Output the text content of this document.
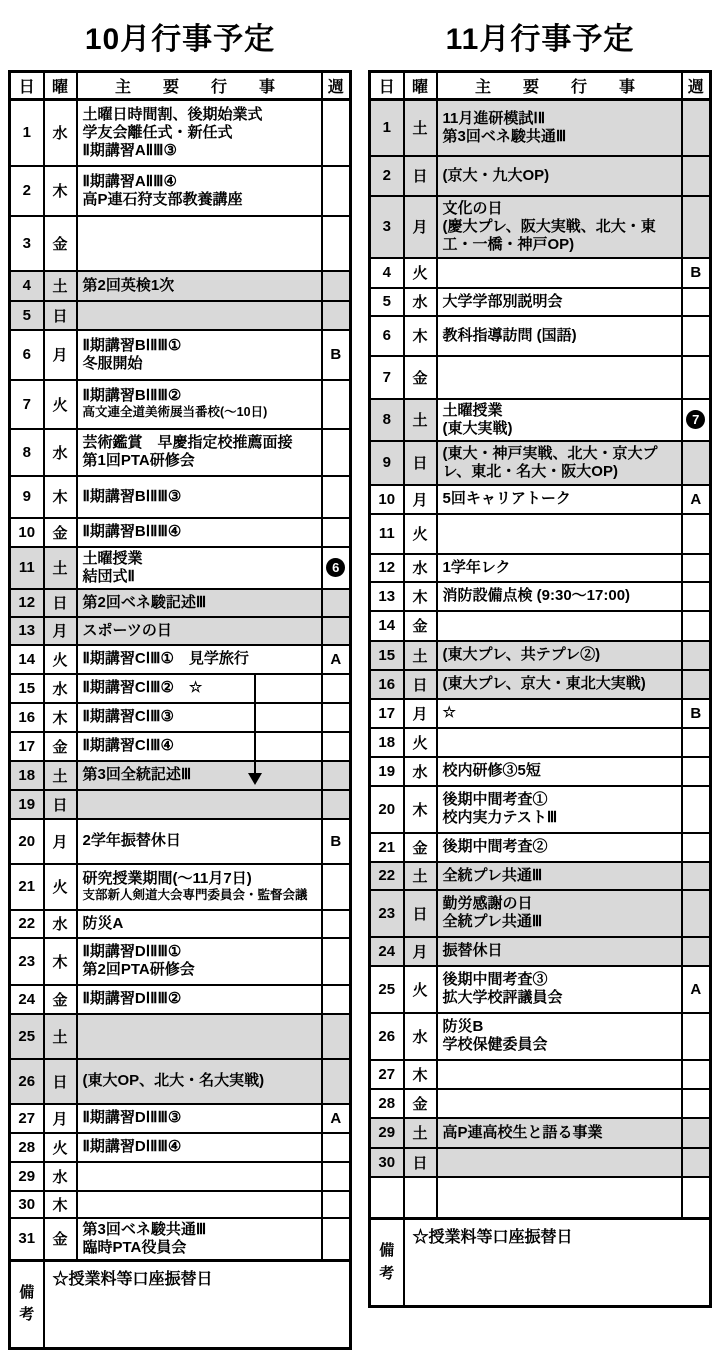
10月行事予定
日	曜	主　要　行　事	週
1	水	土曜日時間割、後期始業式
学友会離任式・新任式
Ⅱ期講習AⅡⅢ③	

2	木	Ⅱ期講習AⅡⅢ④
高P連石狩支部教養講座	

3	金		
4	土	第2回英検1次	

5	日		
6	月	Ⅱ期講習BⅠⅡⅢ①
冬服開始	B
7	火	Ⅱ期講習BⅠⅡⅢ②
高文連全道美術展当番校(～10日)	

8	水	芸術鑑賞　早慶指定校推薦面接
第1回PTA研修会	

9	木	Ⅱ期講習BⅠⅡⅢ③	

10	金	Ⅱ期講習BⅠⅡⅢ④	

11	土	土曜授業
結団式Ⅱ	6
12	日	第2回ベネ駿記述Ⅲ	

13	月	スポーツの日	

14	火	Ⅱ期講習CⅠⅢ①　見学旅行	A
15	水	Ⅱ期講習CⅠⅢ②　☆	

16	木	Ⅱ期講習CⅠⅢ③	

17	金	Ⅱ期講習CⅠⅢ④	

18	土	第3回全統記述Ⅲ	

19	日		
20	月	2学年振替休日	B
21	火	研究授業期間(～11月7日)
支部新人剣道大会専門委員会・監督会議	

22	水	防災A	

23	木	Ⅱ期講習DⅠⅡⅢ①
第2回PTA研修会	

24	金	Ⅱ期講習DⅠⅡⅢ②	

25	土		
26	日	(東大OP、北大・名大実戦)	

27	月	Ⅱ期講習DⅠⅡⅢ③	A
28	火	Ⅱ期講習DⅠⅡⅢ④	

29	水		
30	木		
31	金	第3回ベネ駿共通Ⅲ
臨時PTA役員会	

備考	☆授業料等口座振替日		
11月行事予定
日	曜	主　要　行　事	週
1	土	11月進研模試ⅠⅡ
第3回ベネ駿共通Ⅲ	

2	日	(京大・九大OP)	

3	月	文化の日
(慶大プレ、阪大実戦、北大・東工・一橋・神戸OP)	

4	火		B
5	水	大学学部別説明会	

6	木	教科指導訪問 (国語)	

7	金		
8	土	土曜授業
(東大実戦)	7
9	日	(東大・神戸実戦、北大・京大プレ、東北・名大・阪大OP)	

10	月	5回キャリアトーク	A
11	火		
12	水	1学年レク	

13	木	消防設備点検 (9:30～17:00)	

14	金		
15	土	(東大プレ、共テプレ②)	

16	日	(東大プレ、京大・東北大実戦)	

17	月	☆	B
18	火		
19	水	校内研修③5短	

20	木	後期中間考査①
校内実力テストⅢ	

21	金	後期中間考査②	

22	土	全統プレ共通Ⅲ	

23	日	勤労感謝の日
全統プレ共通Ⅲ	

24	月	振替休日	

25	火	後期中間考査③
拡大学校評議員会	A
26	水	防災B
学校保健委員会	

27	木		
28	金		
29	土	高P連高校生と語る事業	

30	日		

備考	☆授業料等口座振替日		
